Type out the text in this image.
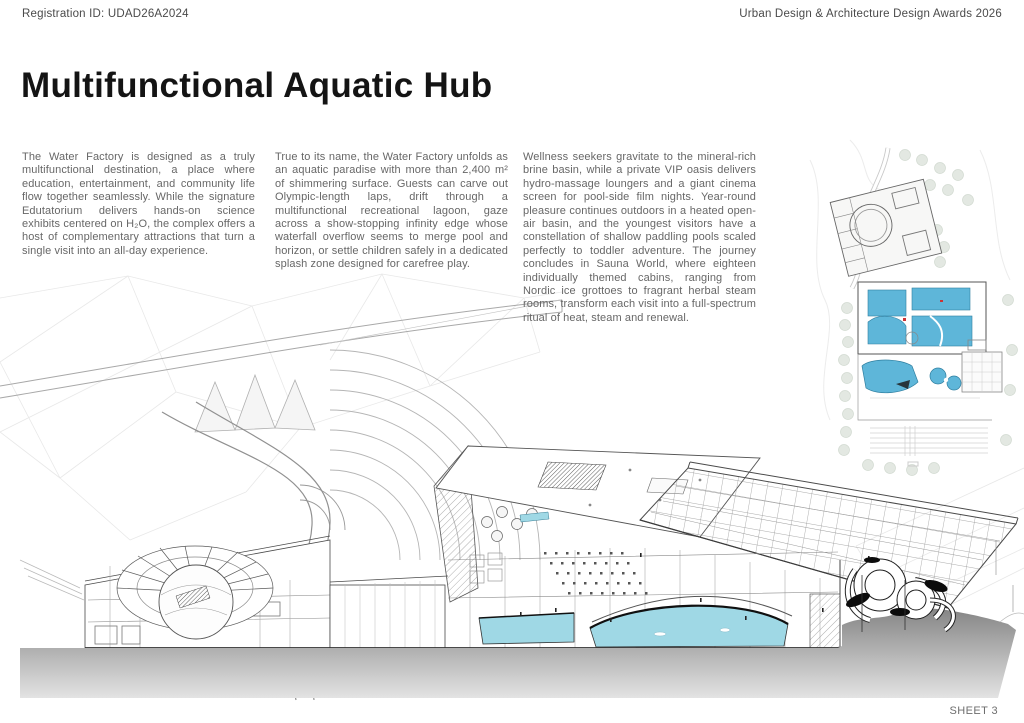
Registration ID: UDAD26A2024	Urban Design & Architecture Design Awards 2026
Multifunctional Aquatic Hub

The Water Factory is designed as a truly multifunctional destination, a place where education, entertainment, and community life flow together seamlessly. While the signature Edutatorium delivers hands-on science exhibits centered on H₂O, the complex offers a host of complementary attractions that turn a single visit into an all-day experience.

True to its name, the Water Factory unfolds as an aquatic paradise with more than 2,400 m² of shimmering surface. Guests can carve out Olympic-length laps, drift through a multifunctional recreational lagoon, gaze across a show-stopping infinity edge whose waterfall overflow seems to merge pool and horizon, or settle children safely in a dedicated splash zone designed for carefree play.

Wellness seekers gravitate to the mineral-rich brine basin, while a private VIP oasis delivers hydro-massage loungers and a giant cinema screen for pool-side film nights. Year-round pleasure continues outdoors in a heated open-air basin, and the youngest visitors have a constellation of shallow paddling pools scaled perfectly to toddler adventure. The journey concludes in Sauna World, where eighteen individually themed cabins, ranging from Nordic ice grottoes to fragrant herbal steam rooms, transform each visit into a full-spectrum ritual of heat, steam and renewal.

SHEET 3
